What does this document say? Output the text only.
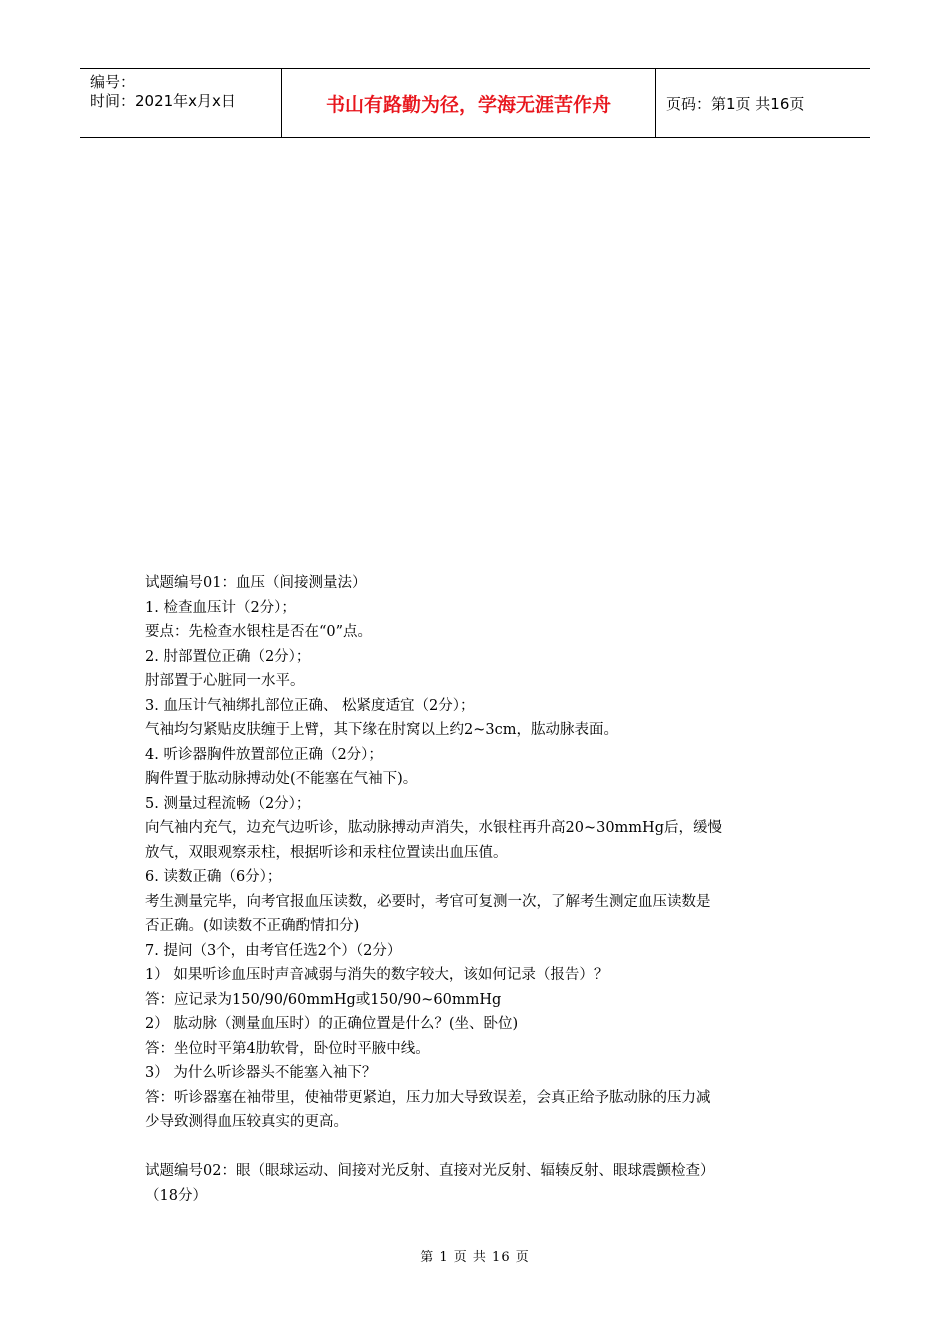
编号：
时间：2021年x月x日	书山有路勤为径，学海无涯苦作舟	页码：第1页 共16页

试题编号01：血压（间接测量法）

1. 检查血压计（2分）；

要点：先检查水银柱是否在“0”点。

2. 肘部置位正确（2分）；

肘部置于心脏同一水平。

3. 血压计气袖绑扎部位正确、 松紧度适宜（2分）；

气袖均匀紧贴皮肤缠于上臂，其下缘在肘窝以上约2~3cm，肱动脉表面。

4. 听诊器胸件放置部位正确（2分）；

胸件置于肱动脉搏动处(不能塞在气袖下)。

5. 测量过程流畅（2分）；

向气袖内充气，边充气边听诊，肱动脉搏动声消失，水银柱再升高20~30mmHg后，缓慢

放气，双眼观察汞柱，根据听诊和汞柱位置读出血压值。

6. 读数正确（6分）；

考生测量完毕，向考官报血压读数，必要时，考官可复测一次，了解考生测定血压读数是

否正确。(如读数不正确酌情扣分)

7. 提问（3个，由考官任选2个）（2分）

1） 如果听诊血压时声音减弱与消失的数字较大，该如何记录（报告）？

答：应记录为150/90/60mmHg或150/90~60mmHg

2） 肱动脉（测量血压时）的正确位置是什么？(坐、卧位)

答：坐位时平第4肋软骨，卧位时平腋中线。

3） 为什么听诊器头不能塞入袖下？

答：听诊器塞在袖带里，使袖带更紧迫，压力加大导致误差，会真正给予肱动脉的压力减

少导致测得血压较真实的更高。

试题编号02：眼（眼球运动、间接对光反射、直接对光反射、辐辏反射、眼球震颤检查）

（18分）

第 1 页 共 16 页
